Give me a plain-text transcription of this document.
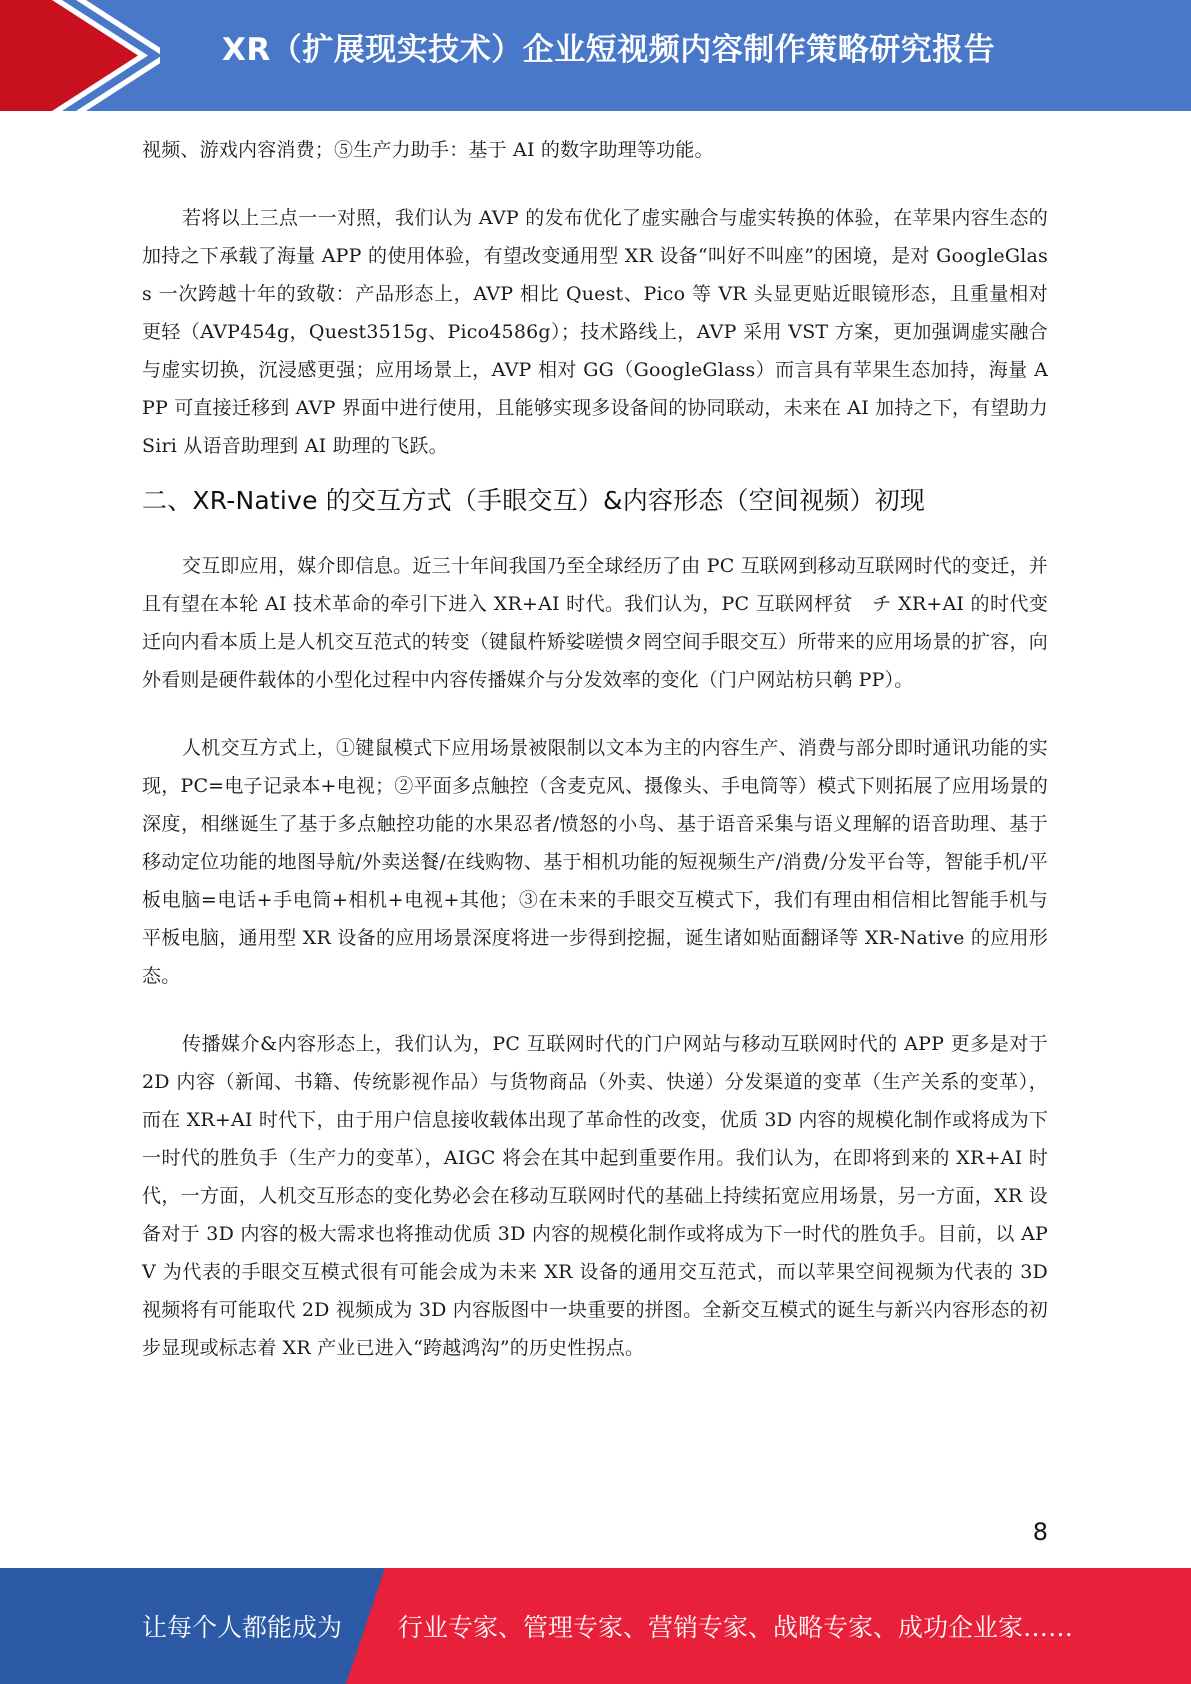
XR（扩展现实技术）企业短视频内容制作策略研究报告

视频、游戏内容消费；⑤生产力助手：基于 AI 的数字助理等功能。

若将以上三点一一对照，我们认为 AVP 的发布优化了虚实融合与虚实转换的体验，在苹果内容生态的加持之下承载了海量 APP 的使用体验，有望改变通用型 XR 设备“叫好不叫座”的困境，是对 GoogleGlass 一次跨越十年的致敬：产品形态上，AVP 相比 Quest、Pico 等 VR 头显更贴近眼镜形态，且重量相对更轻（AVP454g，Quest3515g、Pico4586g）；技术路线上，AVP 采用 VST 方案，更加强调虚实融合与虚实切换，沉浸感更强；应用场景上，AVP 相对 GG（GoogleGlass）而言具有苹果生态加持，海量 APP 可直接迁移到 AVP 界面中进行使用，且能够实现多设备间的协同联动，未来在 AI 加持之下，有望助力 Siri 从语音助理到 AI 助理的飞跃。

二、XR-Native 的交互方式（手眼交互）&内容形态（空间视频）初现

交互即应用，媒介即信息。近三十年间我国乃至全球经历了由 PC 互联网到移动互联网时代的变迁，并且有望在本轮 AI 技术革命的牵引下进入 XR+AI 时代。我们认为，PC 互联网枰贫　チ XR+AI 的时代变迁向内看本质上是人机交互范式的转变（键鼠杵矫娑嗟愦タ罔空间手眼交互）所带来的应用场景的扩容，向外看则是硬件载体的小型化过程中内容传播媒介与分发效率的变化（门户网站枋只鹌 PP）。

人机交互方式上，①键鼠模式下应用场景被限制以文本为主的内容生产、消费与部分即时通讯功能的实现，PC=电子记录本+电视；②平面多点触控（含麦克风、摄像头、手电筒等）模式下则拓展了应用场景的深度，相继诞生了基于多点触控功能的水果忍者/愤怒的小鸟、基于语音采集与语义理解的语音助理、基于移动定位功能的地图导航/外卖送餐/在线购物、基于相机功能的短视频生产/消费/分发平台等，智能手机/平板电脑=电话+手电筒+相机+电视+其他；③在未来的手眼交互模式下，我们有理由相信相比智能手机与平板电脑，通用型 XR 设备的应用场景深度将进一步得到挖掘，诞生诸如贴面翻译等 XR-Native 的应用形态。

传播媒介&内容形态上，我们认为，PC 互联网时代的门户网站与移动互联网时代的 APP 更多是对于 2D 内容（新闻、书籍、传统影视作品）与货物商品（外卖、快递）分发渠道的变革（生产关系的变革），而在 XR+AI 时代下，由于用户信息接收载体出现了革命性的改变，优质 3D 内容的规模化制作或将成为下一时代的胜负手（生产力的变革），AIGC 将会在其中起到重要作用。我们认为，在即将到来的 XR+AI 时代，一方面，人机交互形态的变化势必会在移动互联网时代的基础上持续拓宽应用场景，另一方面，XR 设备对于 3D 内容的极大需求也将推动优质 3D 内容的规模化制作或将成为下一时代的胜负手。目前，以 APV 为代表的手眼交互模式很有可能会成为未来 XR 设备的通用交互范式，而以苹果空间视频为代表的 3D 视频将有可能取代 2D 视频成为 3D 内容版图中一块重要的拼图。全新交互模式的诞生与新兴内容形态的初步显现或标志着 XR 产业已进入“跨越鸿沟”的历史性拐点。

8
让每个人都能成为 行业专家、管理专家、营销专家、战略专家、成功企业家……
